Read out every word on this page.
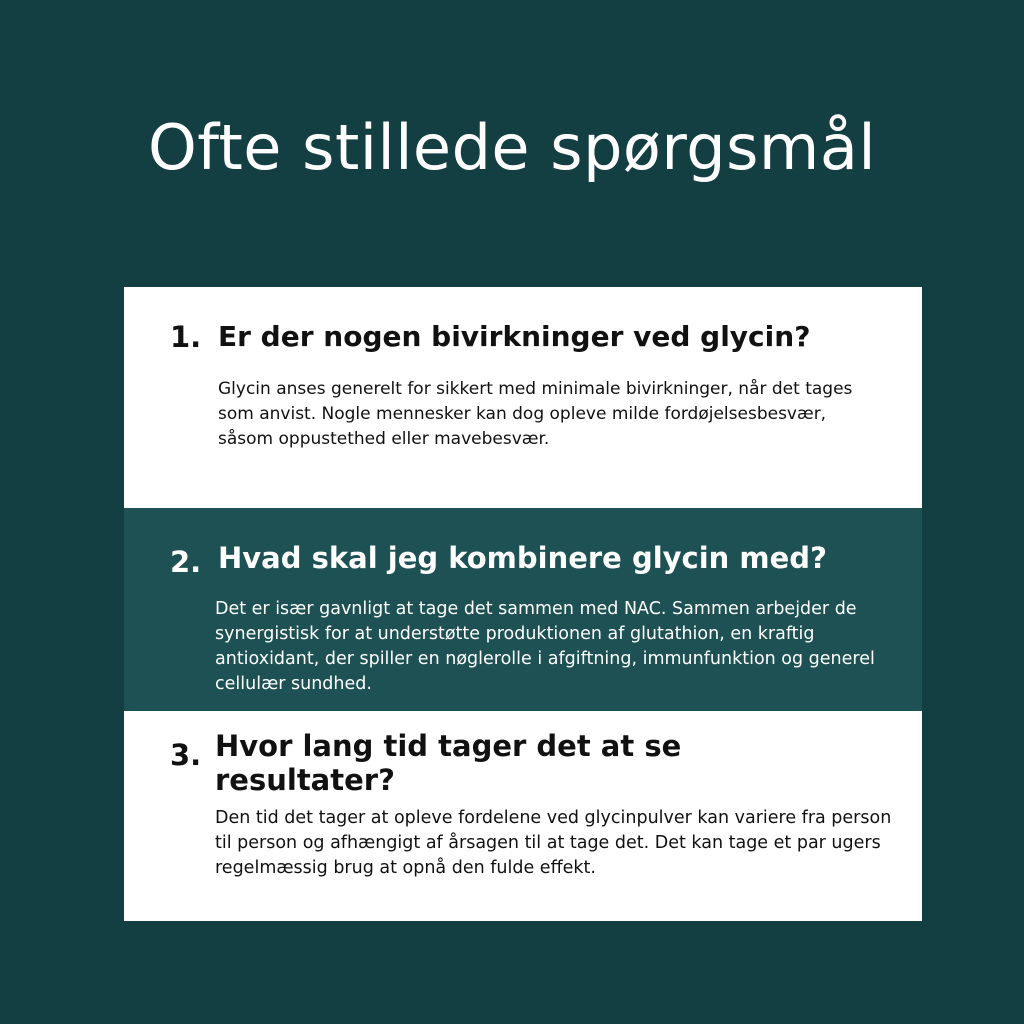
Ofte stillede spørgsmål
1. Er der nogen bivirkninger ved glycin?

Glycin anses generelt for sikkert med minimale bivirkninger, når det tages som anvist. Nogle mennesker kan dog opleve milde fordøjelsesbesvær, såsom oppustethed eller mavebesvær.

2. Hvad skal jeg kombinere glycin med?

Det er især gavnligt at tage det sammen med NAC. Sammen arbejder de synergistisk for at understøtte produktionen af glutathion, en kraftig antioxidant, der spiller en nøglerolle i afgiftning, immunfunktion og generel cellulær sundhed.

3. Hvor lang tid tager det at se resultater?

Den tid det tager at opleve fordelene ved glycinpulver kan variere fra person til person og afhængigt af årsagen til at tage det. Det kan tage et par ugers regelmæssig brug at opnå den fulde effekt.
